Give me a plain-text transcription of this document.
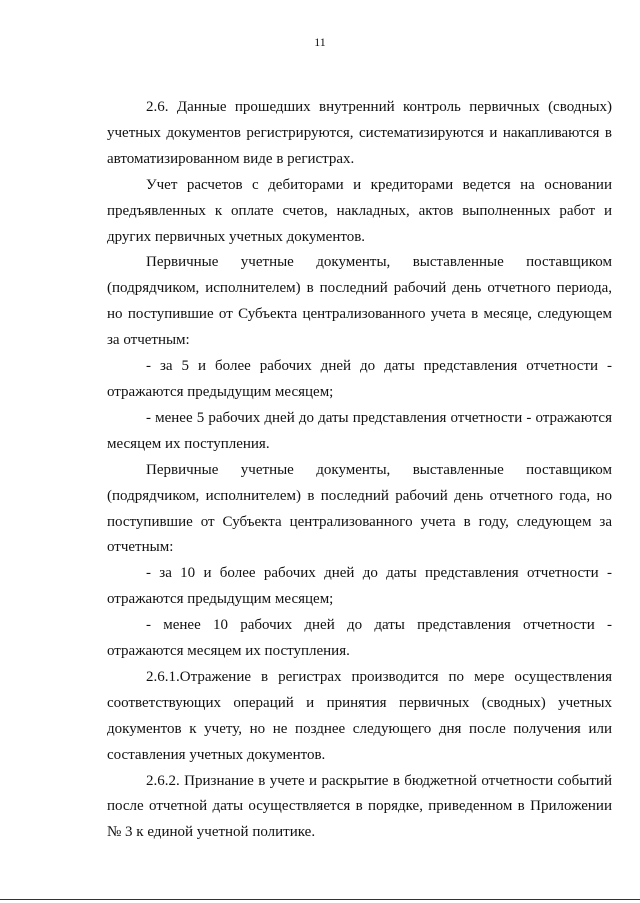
11

2.6. Данные прошедших внутренний контроль первичных (сводных) учетных документов регистрируются, систематизируются и накапливаются в автоматизированном виде в регистрах.

Учет расчетов с дебиторами и кредиторами ведется на основании предъявленных к оплате счетов, накладных, актов выполненных работ и других первичных учетных документов.

Первичные учетные документы, выставленные поставщиком (подрядчиком, исполнителем) в последний рабочий день отчетного периода, но поступившие от Субъекта централизованного учета в месяце, следующем за отчетным:

- за 5 и более рабочих дней до даты представления отчетности - отражаются предыдущим месяцем;

- менее 5 рабочих дней до даты представления отчетности - отражаются месяцем их поступления.

Первичные учетные документы, выставленные поставщиком (подрядчиком, исполнителем) в последний рабочий день отчетного года, но поступившие от Субъекта централизованного учета в году, следующем за отчетным:

- за 10 и более рабочих дней до даты представления отчетности - отражаются предыдущим месяцем;

- менее 10 рабочих дней до даты представления отчетности - отражаются месяцем их поступления.

2.6.1.Отражение в регистрах производится по мере осуществления соответствующих операций и принятия первичных (сводных) учетных документов к учету, но не позднее следующего дня после получения или составления учетных документов.

2.6.2. Признание в учете и раскрытие в бюджетной отчетности событий после отчетной даты осуществляется в порядке, приведенном в Приложении № 3 к единой учетной политике.
